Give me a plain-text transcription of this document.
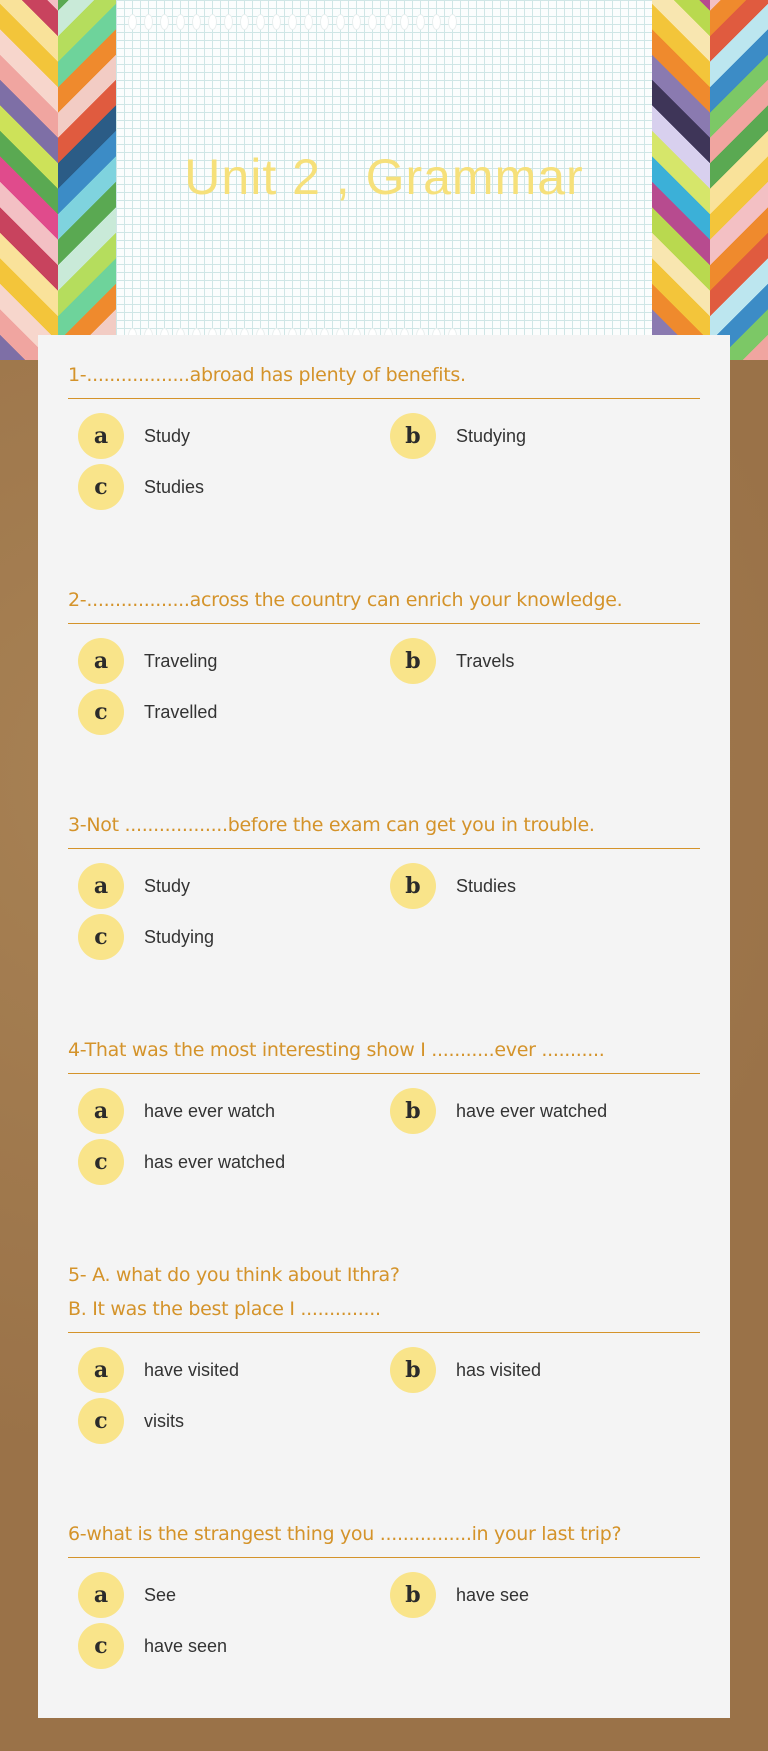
Unit 2 , Grammar
1-..................abroad has plenty of benefits.
a	Study	b	Studying
c	Studies
2-..................across the country can enrich your knowledge.
a	Traveling	b	Travels
c	Travelled
3-Not ..................before the exam can get you in trouble.
a	Study	b	Studies
c	Studying
4-That was the most interesting show I ...........ever ...........
a	have ever watch	b	have ever watched
c	has ever watched
5- A. what do you think about Ithra?
B. It was the best place I ..............
a	have visited	b	has visited
c	visits
6-what is the strangest thing you ................in your last trip?
a	See	b	have see
c	have seen
